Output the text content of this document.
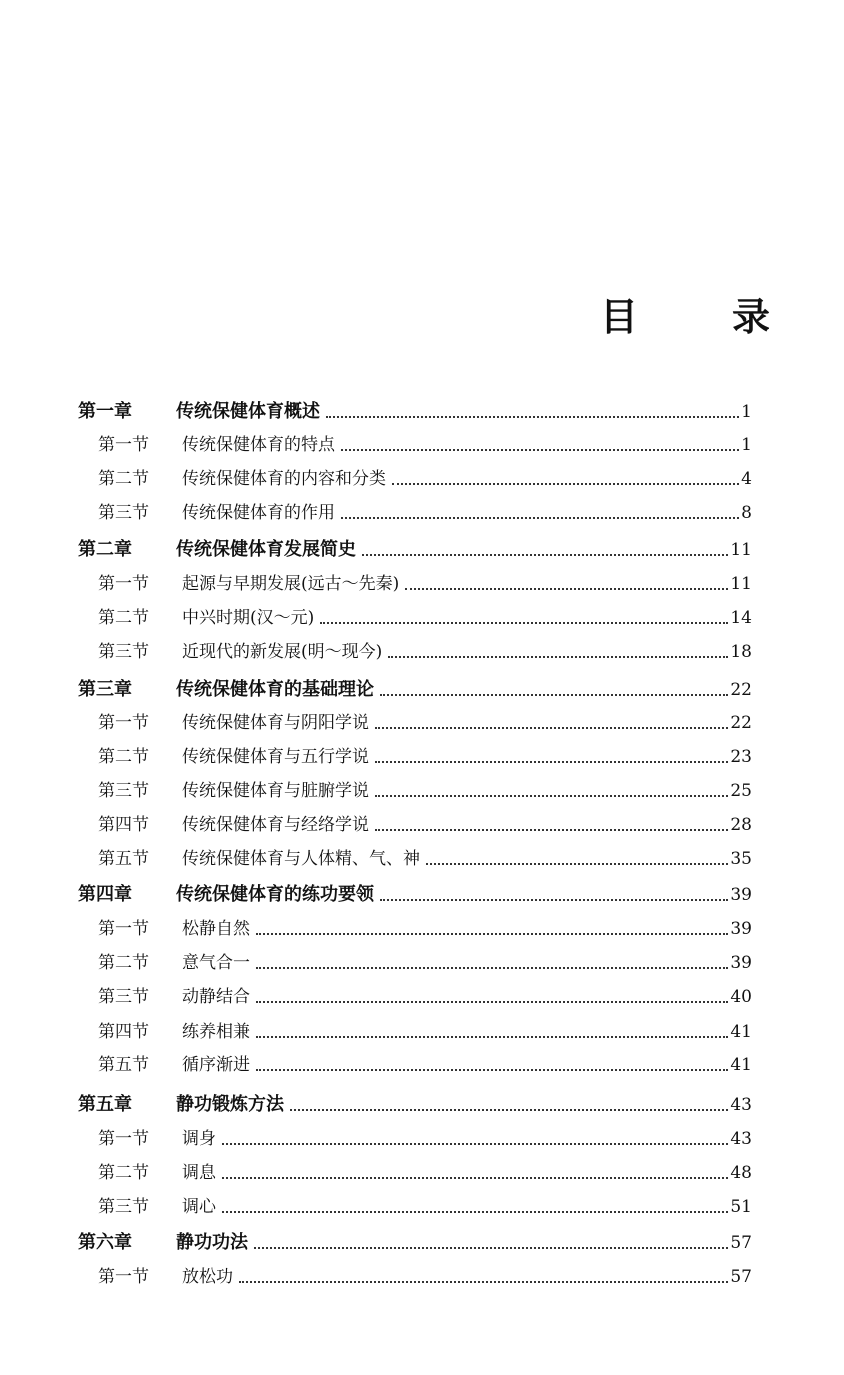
目 录
第一章	传统保健体育概述	1
第一节	传统保健体育的特点	1
第二节	传统保健体育的内容和分类	4
第三节	传统保健体育的作用	8
第二章	传统保健体育发展简史	11
第一节	起源与早期发展(远古～先秦)	11
第二节	中兴时期(汉～元)	14
第三节	近现代的新发展(明～现今)	18
第三章	传统保健体育的基础理论	22
第一节	传统保健体育与阴阳学说	22
第二节	传统保健体育与五行学说	23
第三节	传统保健体育与脏腑学说	25
第四节	传统保健体育与经络学说	28
第五节	传统保健体育与人体精、气、神	35
第四章	传统保健体育的练功要领	39
第一节	松静自然	39
第二节	意气合一	39
第三节	动静结合	40
第四节	练养相兼	41
第五节	循序渐进	41
第五章	静功锻炼方法	43
第一节	调身	43
第二节	调息	48
第三节	调心	51
第六章	静功功法	57
第一节	放松功	57
